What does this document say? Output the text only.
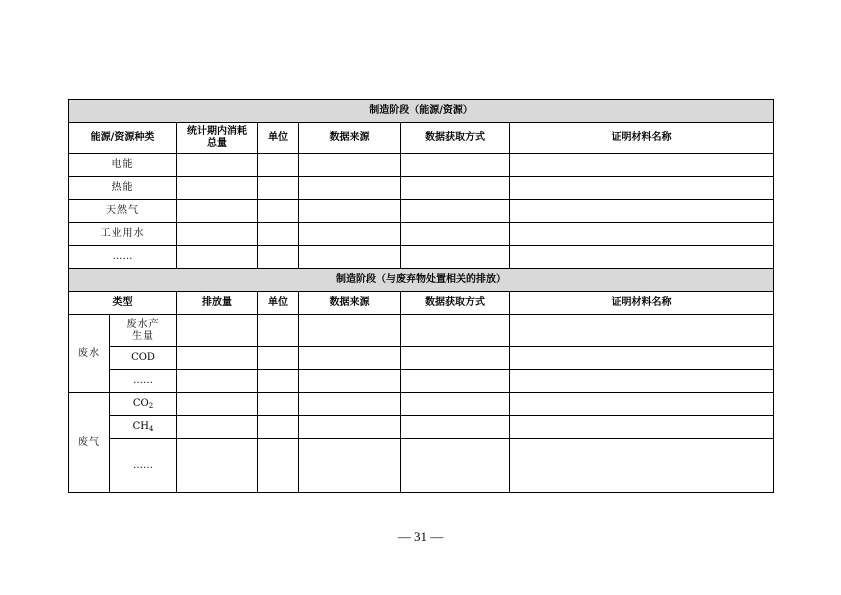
制造阶段（能源/资源）						
能源/资源种类		统计期内消耗总量	单位	数据来源	数据获取方式	证明材料名称
电能						
热能						
天然气						
工业用水						
……						
制造阶段（与废弃物处置相关的排放）						
类型		排放量	单位	数据来源	数据获取方式	证明材料名称
废水	废水产生量					
	COD					
	……					
废气	$CO_2$					
	$CH_4$					
	……					
— 31 —
